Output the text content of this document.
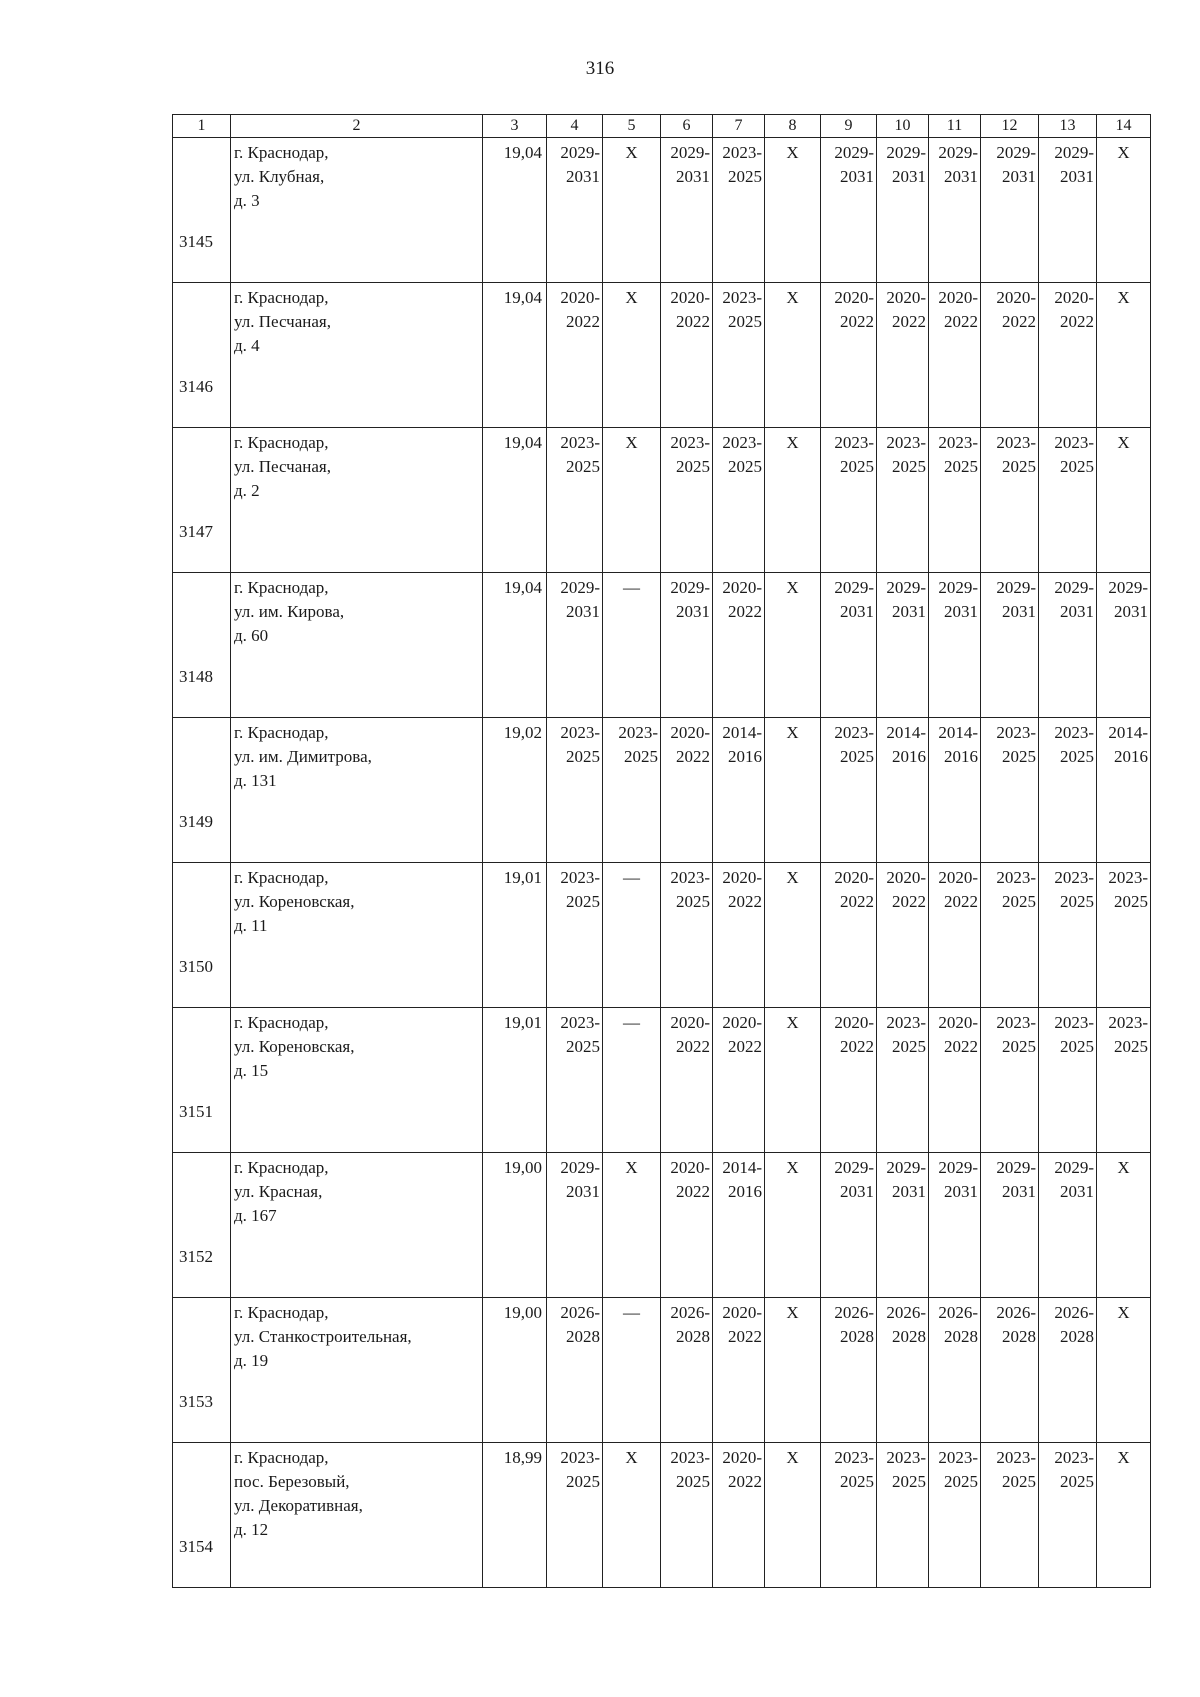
316
1	2	3	4	5	6	7	8	9	10	11	12	13	14
3145	г. Краснодар,
ул. Клубная,
д. 3	19,04	2029-
2031	X	2029-
2031	2023-
2025	X	2029-
2031	2029-
2031	2029-
2031	2029-
2031	2029-
2031	X

3146	г. Краснодар,
ул. Песчаная,
д. 4	19,04	2020-
2022	X	2020-
2022	2023-
2025	X	2020-
2022	2020-
2022	2020-
2022	2020-
2022	2020-
2022	X

3147	г. Краснодар,
ул. Песчаная,
д. 2	19,04	2023-
2025	X	2023-
2025	2023-
2025	X	2023-
2025	2023-
2025	2023-
2025	2023-
2025	2023-
2025	X

3148	г. Краснодар,
ул. им. Кирова,
д. 60	19,04	2029-
2031	—	2029-
2031	2020-
2022	X	2029-
2031	2029-
2031	2029-
2031	2029-
2031	2029-
2031	2029-
2031

3149	г. Краснодар,
ул. им. Димитрова,
д. 131	19,02	2023-
2025	2023-
2025	2020-
2022	2014-
2016	X	2023-
2025	2014-
2016	2014-
2016	2023-
2025	2023-
2025	2014-
2016

3150	г. Краснодар,
ул. Кореновская,
д. 11	19,01	2023-
2025	—	2023-
2025	2020-
2022	X	2020-
2022	2020-
2022	2020-
2022	2023-
2025	2023-
2025	2023-
2025

3151	г. Краснодар,
ул. Кореновская,
д. 15	19,01	2023-
2025	—	2020-
2022	2020-
2022	X	2020-
2022	2023-
2025	2020-
2022	2023-
2025	2023-
2025	2023-
2025

3152	г. Краснодар,
ул. Красная,
д. 167	19,00	2029-
2031	X	2020-
2022	2014-
2016	X	2029-
2031	2029-
2031	2029-
2031	2029-
2031	2029-
2031	X

3153	г. Краснодар,
ул. Станкостроительная,
д. 19	19,00	2026-
2028	—	2026-
2028	2020-
2022	X	2026-
2028	2026-
2028	2026-
2028	2026-
2028	2026-
2028	X

3154	г. Краснодар,
пос. Березовый,
ул. Декоративная,
д. 12	18,99	2023-
2025	X	2023-
2025	2020-
2022	X	2023-
2025	2023-
2025	2023-
2025	2023-
2025	2023-
2025	X
